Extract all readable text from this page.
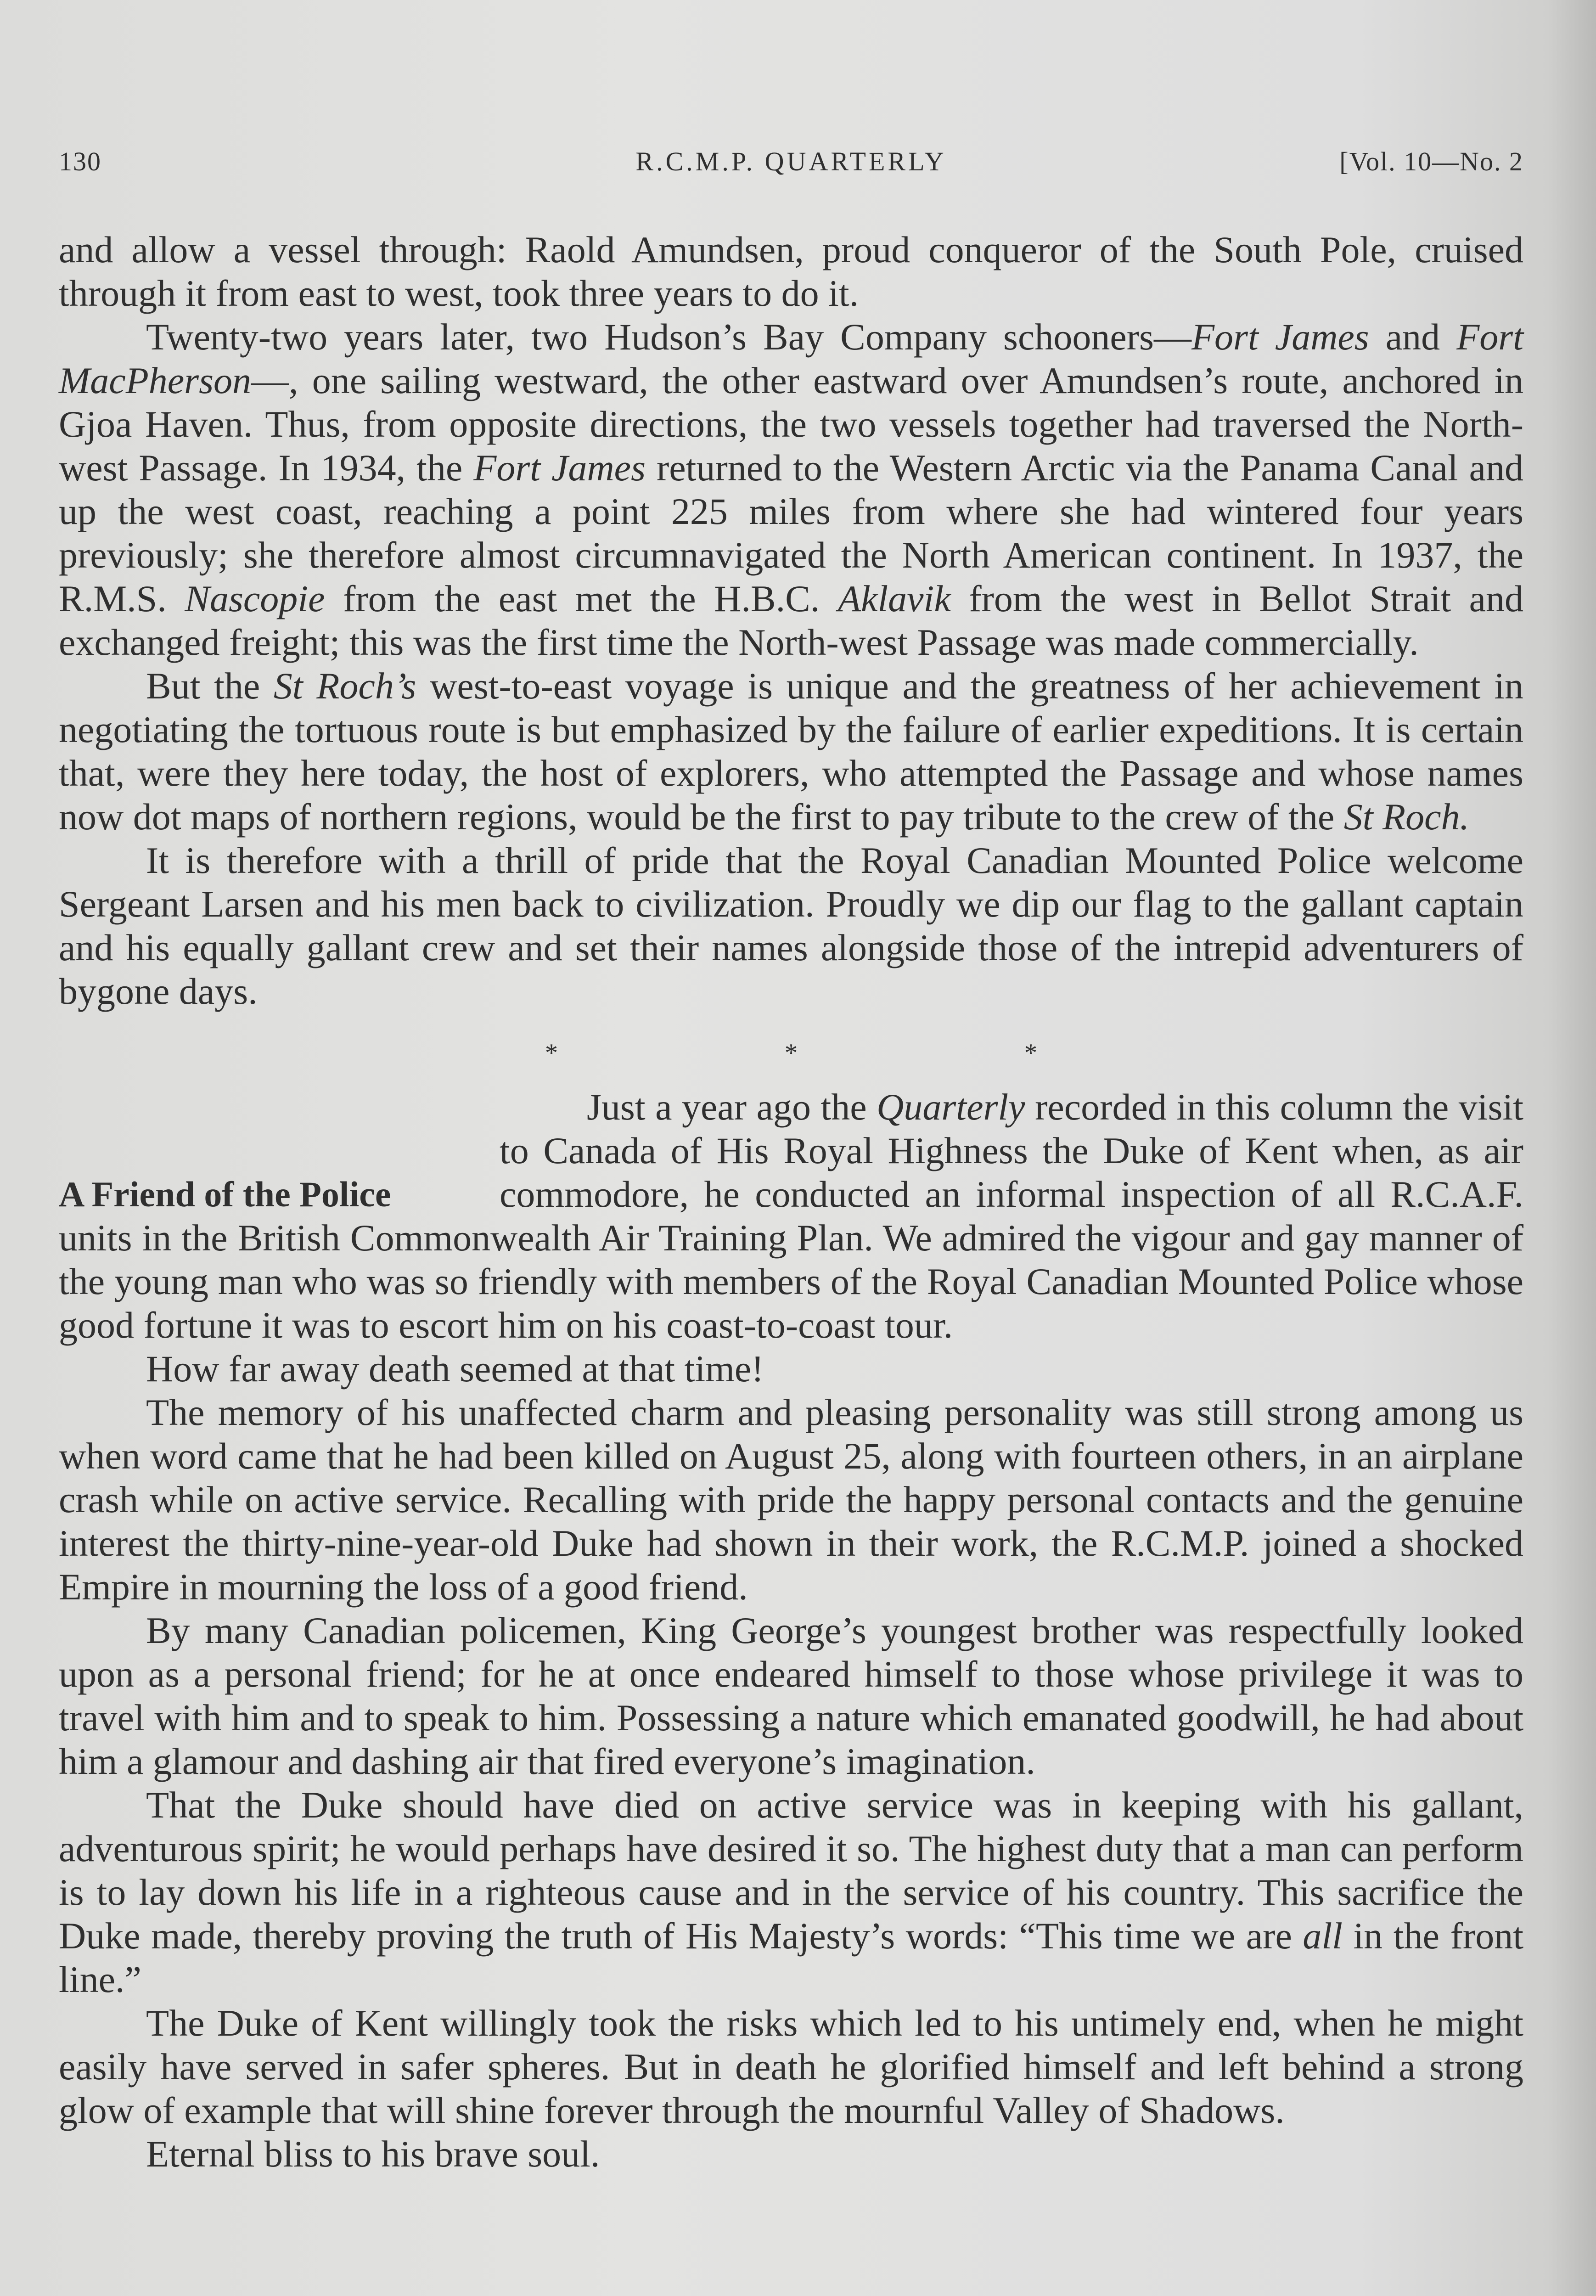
130	R.C.M.P. QUARTERLY	[Vol. 10—No. 2

and allow a vessel through: Raold Amundsen, proud conqueror of the South Pole, cruised through it from east to west, took three years to do it.

Twenty-two years later, two Hudson’s Bay Company schooners—Fort James and Fort MacPherson—, one sailing westward, the other eastward over Amundsen’s route, anchored in Gjoa Haven. Thus, from opposite directions, the two vessels together had traversed the North-west Passage. In 1934, the Fort James returned to the Western Arctic via the Panama Canal and up the west coast, reaching a point 225 miles from where she had wintered four years previously; she therefore almost circumnavigated the North American continent. In 1937, the R.M.S. Nascopie from the east met the H.B.C. Aklavik from the west in Bellot Strait and exchanged freight; this was the first time the North-west Passage was made commercially.

But the St Roch’s west-to-east voyage is unique and the greatness of her achievement in negotiating the tortuous route is but emphasized by the failure of earlier expeditions. It is certain that, were they here today, the host of explorers, who attempted the Passage and whose names now dot maps of northern regions, would be the first to pay tribute to the crew of the St Roch.

It is therefore with a thrill of pride that the Royal Canadian Mounted Police welcome Sergeant Larsen and his men back to civilization. Proudly we dip our flag to the gallant captain and his equally gallant crew and set their names alongside those of the intrepid adventurers of bygone days.

* * *
A Friend of the Police

Just a year ago the Quarterly recorded in this column the visit to Canada of His Royal Highness the Duke of Kent when, as air commodore, he conducted an informal inspection of all R.C.A.F. units in the British Commonwealth Air Training Plan. We admired the vigour and gay manner of the young man who was so friendly with members of the Royal Canadian Mounted Police whose good fortune it was to escort him on his coast-to-coast tour.

How far away death seemed at that time!

The memory of his unaffected charm and pleasing personality was still strong among us when word came that he had been killed on August 25, along with fourteen others, in an airplane crash while on active service. Recalling with pride the happy personal contacts and the genuine interest the thirty-nine-year-old Duke had shown in their work, the R.C.M.P. joined a shocked Empire in mourning the loss of a good friend.

By many Canadian policemen, King George’s youngest brother was respectfully looked upon as a personal friend; for he at once endeared himself to those whose privilege it was to travel with him and to speak to him. Possessing a nature which emanated goodwill, he had about him a glamour and dashing air that fired everyone’s imagination.

That the Duke should have died on active service was in keeping with his gallant, adventurous spirit; he would perhaps have desired it so. The highest duty that a man can perform is to lay down his life in a righteous cause and in the service of his country. This sacrifice the Duke made, thereby proving the truth of His Majesty’s words: “This time we are all in the front line.”

The Duke of Kent willingly took the risks which led to his untimely end, when he might easily have served in safer spheres. But in death he glorified himself and left behind a strong glow of example that will shine forever through the mournful Valley of Shadows.

Eternal bliss to his brave soul.
